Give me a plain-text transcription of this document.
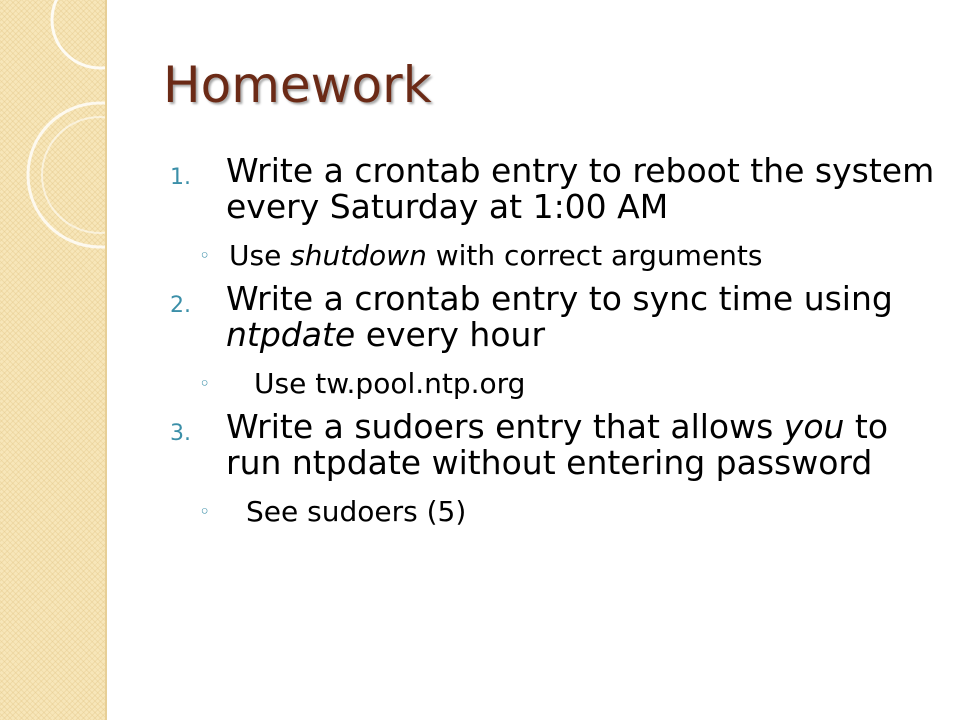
Homework
1. Write a crontab entry to reboot the system every Saturday at 1:00 AM
◦ Use shutdown with correct arguments
2. Write a crontab entry to sync time using ntpdate every hour
◦ Use tw.pool.ntp.org
3. Write a sudoers entry that allows you to run ntpdate without entering password
◦ See sudoers (5)
